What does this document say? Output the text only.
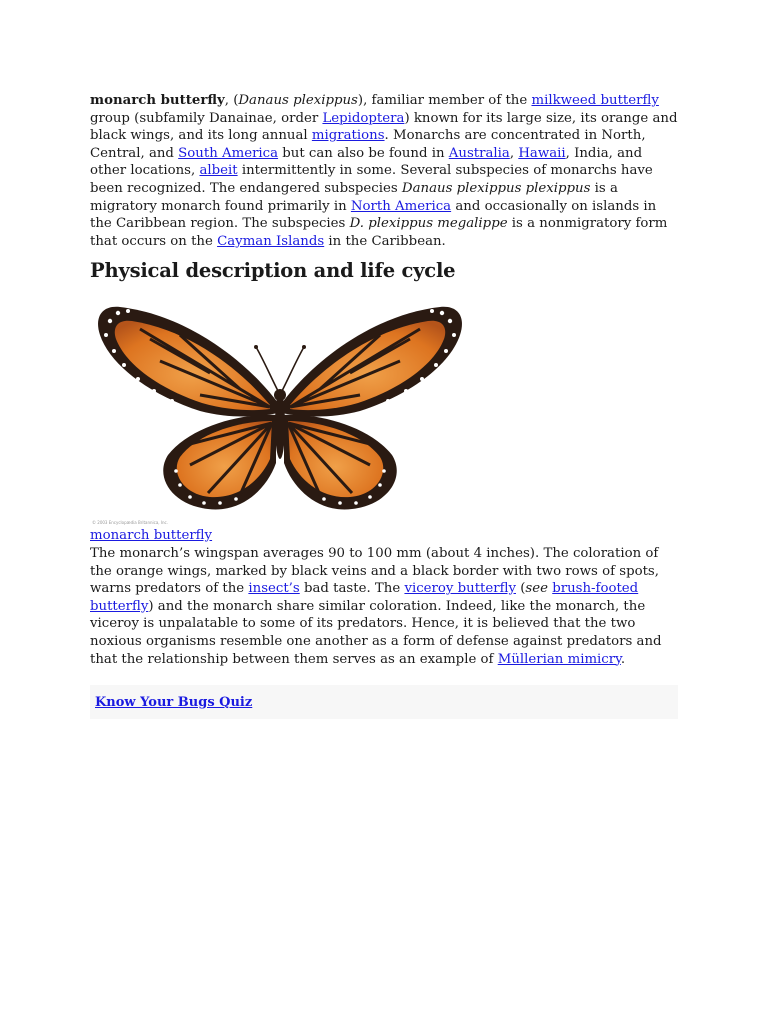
monarch butterfly, (Danaus plexippus), familiar member of the milkweed butterfly group (subfamily Danainae, order Lepidoptera) known for its large size, its orange and black wings, and its long annual migrations. Monarchs are concentrated in North, Central, and South America but can also be found in Australia, Hawaii, India, and other locations, albeit intermittently in some. Several subspecies of monarchs have been recognized. The endangered subspecies Danaus plexippus plexippus is a migratory monarch found primarily in North America and occasionally on islands in the Caribbean region. The subspecies D. plexippus megalippe is a nonmigratory form that occurs on the Cayman Islands in the Caribbean.

Physical description and life cycle
© 2003 Encyclopædia Britannica, Inc.
monarch butterfly

The monarch’s wingspan averages 90 to 100 mm (about 4 inches). The coloration of the orange wings, marked by black veins and a black border with two rows of spots, warns predators of the insect’s bad taste. The viceroy butterfly (see brush-footed butterfly) and the monarch share similar coloration. Indeed, like the monarch, the viceroy is unpalatable to some of its predators. Hence, it is believed that the two noxious organisms resemble one another as a form of defense against predators and that the relationship between them serves as an example of Müllerian mimicry.

Know Your Bugs Quiz
